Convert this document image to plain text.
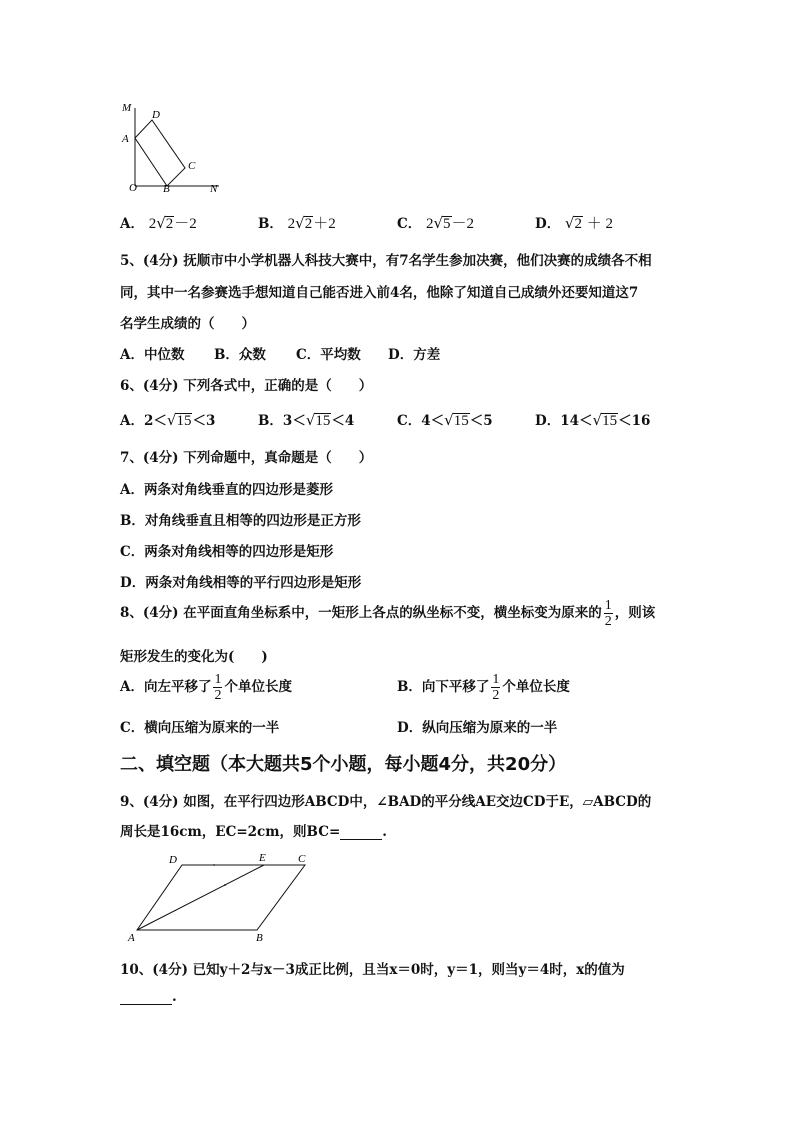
M
D
A
C
O B	N
A． 2√2－2	B． 2√2＋2	C． 2√5－2	D． √2 ＋ 2
5、(4分) 抚顺市中小学机器人科技大赛中，有7名学生参加决赛，他们决赛的成绩各不相
同，其中一名参赛选手想知道自己能否进入前4名，他除了知道自己成绩外还要知道这7
名学生成绩的（　　）
A．中位数 B．众数 C．平均数 D．方差
6、(4分) 下列各式中，正确的是（　　）
A．2＜√15＜3	B．3＜√15＜4	C．4＜√15＜5	D．14＜√15＜16
7、(4分) 下列命题中，真命题是（　　）
A．两条对角线垂直的四边形是菱形
B．对角线垂直且相等的四边形是正方形
C．两条对角线相等的四边形是矩形
D．两条对角线相等的平行四边形是矩形
8、(4分) 在平面直角坐标系中，一矩形上各点的纵坐标不变，横坐标变为原来的 $\frac{1}{2}$ ，则该
矩形发生的变化为(　　)
A．向左平移了 $\frac{1}{2}$ 个单位长度	B．向下平移了 $\frac{1}{2}$ 个单位长度
C．横向压缩为原来的一半	D．纵向压缩为原来的一半
二、填空题（本大题共5个小题，每小题4分，共20分）
9、(4分) 如图，在平行四边形ABCD中，∠BAD的平分线AE交边CD于E，▱ABCD的
周长是16cm，EC=2cm，则BC=	.
D	E	C
A	B
10、(4分) 已知y＋2与x－3成正比例，且当x＝0时，y＝1，则当y＝4时，x的值为
.
